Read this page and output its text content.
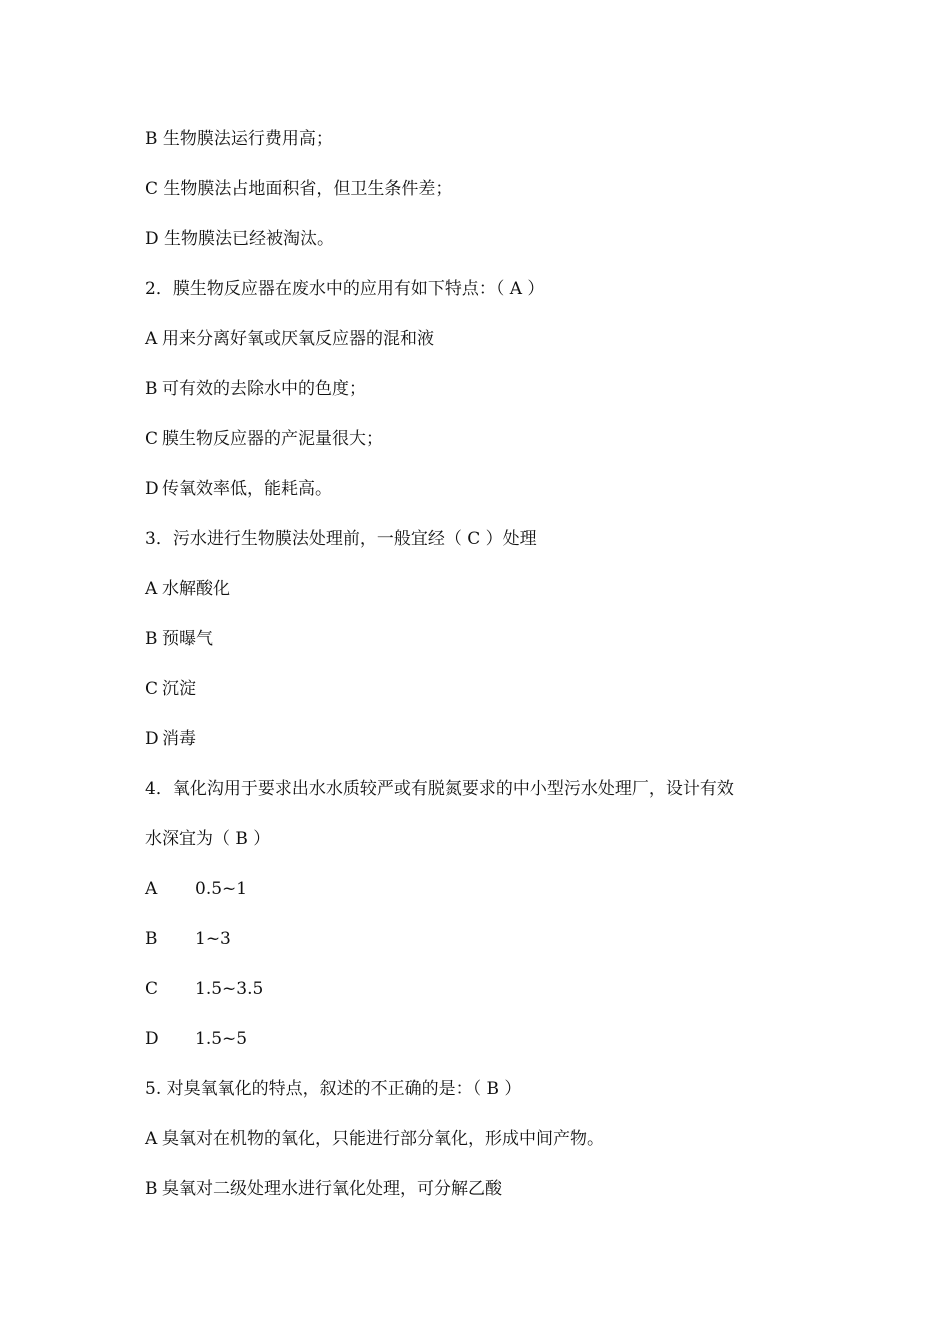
B 生物膜法运行费用高；
C 生物膜法占地面积省，但卫生条件差；
D 生物膜法已经被淘汰。
2．膜生物反应器在废水中的应用有如下特点：（ A ）
A 用来分离好氧或厌氧反应器的混和液
B 可有效的去除水中的色度；
C 膜生物反应器的产泥量很大；
D 传氧效率低，能耗高。
3．污水进行生物膜法处理前，一般宜经（ C ）处理
A 水解酸化
B 预曝气
C 沉淀
D 消毒
4．氧化沟用于要求出水水质较严或有脱氮要求的中小型污水处理厂，设计有效
水深宜为（ B ）
A	0.5~1
B	1~3
C	1.5~3.5
D	1.5~5
5. 对臭氧氧化的特点，叙述的不正确的是：（ B ）
A 臭氧对在机物的氧化，只能进行部分氧化，形成中间产物。
B 臭氧对二级处理水进行氧化处理，可分解乙酸
